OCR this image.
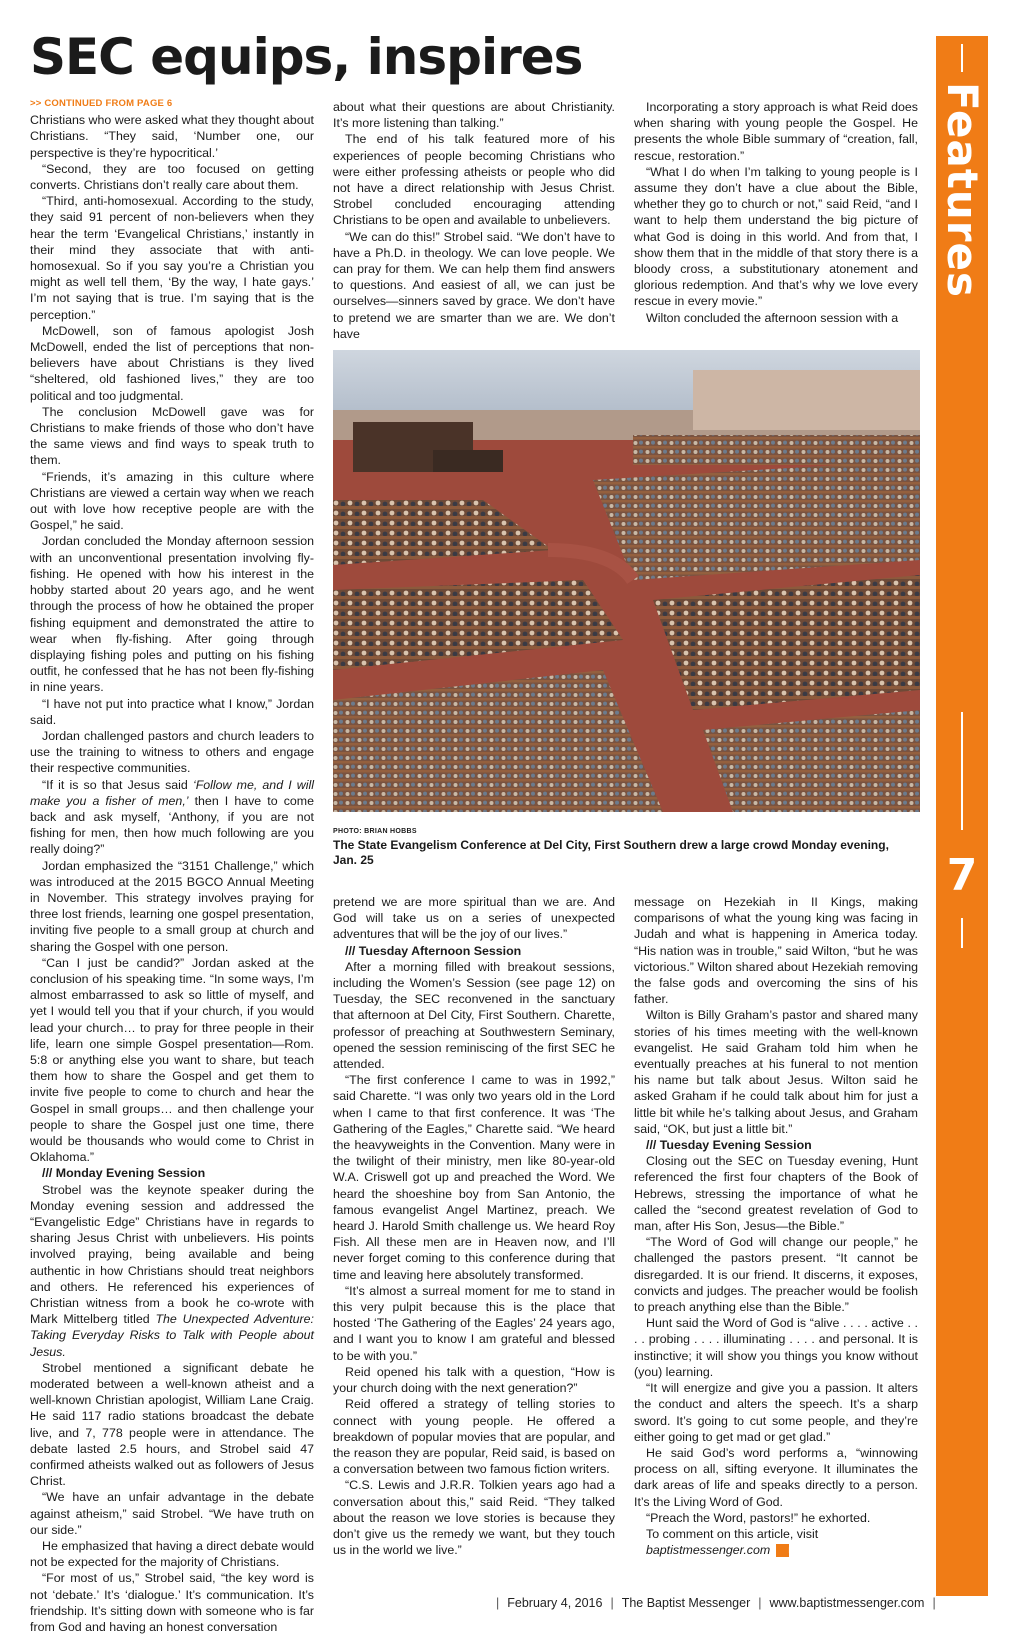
SEC equips, inspires
>> CONTINUED FROM PAGE 6

Christians who were asked what they thought about Christians. “They said, ‘Number one, our perspective is they’re hypocritical.’

“Second, they are too focused on getting converts. Christians don’t really care about them.

“Third, anti-homosexual. According to the study, they said 91 percent of non-believers when they hear the term ‘Evangelical Christians,’ instantly in their mind they associate that with anti-homosexual. So if you say you’re a Christian you might as well tell them, ‘By the way, I hate gays.’ I’m not saying that is true. I’m saying that is the perception.”

McDowell, son of famous apologist Josh McDowell, ended the list of perceptions that non-believers have about Christians is they lived “sheltered, old fashioned lives,” they are too political and too judgmental.

The conclusion McDowell gave was for Christians to make friends of those who don’t have the same views and find ways to speak truth to them.

“Friends, it’s amazing in this culture where Christians are viewed a certain way when we reach out with love how receptive people are with the Gospel,” he said.

Jordan concluded the Monday afternoon session with an unconventional presentation involving fly-fishing. He opened with how his interest in the hobby started about 20 years ago, and he went through the process of how he obtained the proper fishing equipment and demonstrated the attire to wear when fly-fishing. After going through displaying fishing poles and putting on his fishing outfit, he confessed that he has not been fly-fishing in nine years.

“I have not put into practice what I know,” Jordan said.

Jordan challenged pastors and church leaders to use the training to witness to others and engage their respective communities.

“If it is so that Jesus said ‘Follow me, and I will make you a fisher of men,’ then I have to come back and ask myself, ‘Anthony, if you are not fishing for men, then how much following are you really doing?”

Jordan emphasized the “3151 Challenge,” which was introduced at the 2015 BGCO Annual Meeting in November. This strategy involves praying for three lost friends, learning one gospel presentation, inviting five people to a small group at church and sharing the Gospel with one person.

“Can I just be candid?” Jordan asked at the conclusion of his speaking time. “In some ways, I’m almost embarrassed to ask so little of myself, and yet I would tell you that if your church, if you would lead your church… to pray for three people in their life, learn one simple Gospel presentation—Rom. 5:8 or anything else you want to share, but teach them how to share the Gospel and get them to invite five people to come to church and hear the Gospel in small groups… and then challenge your people to share the Gospel just one time, there would be thousands who would come to Christ in Oklahoma.”

/// Monday Evening Session

Strobel was the keynote speaker during the Monday evening session and addressed the “Evangelistic Edge” Christians have in regards to sharing Jesus Christ with unbelievers. His points involved praying, being available and being authentic in how Christians should treat neighbors and others. He referenced his experiences of Christian witness from a book he co-wrote with Mark Mittelberg titled The Unexpected Adventure: Taking Everyday Risks to Talk with People about Jesus.

Strobel mentioned a significant debate he moderated between a well-known atheist and a well-known Christian apologist, William Lane Craig. He said 117 radio stations broadcast the debate live, and 7, 778 people were in attendance. The debate lasted 2.5 hours, and Strobel said 47 confirmed atheists walked out as followers of Jesus Christ.

“We have an unfair advantage in the debate against atheism,” said Strobel. “We have truth on our side.”

He emphasized that having a direct debate would not be expected for the majority of Christians.

“For most of us,” Strobel said, “the key word is not ‘debate.’ It’s ‘dialogue.’ It’s communication. It’s friendship. It’s sitting down with someone who is far from God and having an honest conversation

about what their questions are about Christianity. It’s more listening than talking.”

The end of his talk featured more of his experiences of people becoming Christians who were either professing atheists or people who did not have a direct relationship with Jesus Christ. Strobel concluded encouraging attending Christians to be open and available to unbelievers.

“We can do this!” Strobel said. “We don’t have to have a Ph.D. in theology. We can love people. We can pray for them. We can help them find answers to questions. And easiest of all, we can just be ourselves—sinners saved by grace. We don’t have to pretend we are smarter than we are. We don’t have

Incorporating a story approach is what Reid does when sharing with young people the Gospel. He presents the whole Bible summary of “creation, fall, rescue, restoration.”

“What I do when I’m talking to young people is I assume they don’t have a clue about the Bible, whether they go to church or not,” said Reid, “and I want to help them understand the big picture of what God is doing in this world. And from that, I show them that in the middle of that story there is a bloody cross, a substitutionary atonement and glorious redemption. And that’s why we love every rescue in every movie.”

Wilton concluded the afternoon session with a

PHOTO: BRIAN HOBBS
The State Evangelism Conference at Del City, First Southern drew a large crowd Monday evening, Jan. 25

pretend we are more spiritual than we are. And God will take us on a series of unexpected adventures that will be the joy of our lives.”

/// Tuesday Afternoon Session

After a morning filled with breakout sessions, including the Women’s Session (see page 12) on Tuesday, the SEC reconvened in the sanctuary that afternoon at Del City, First Southern. Charette, professor of preaching at Southwestern Seminary, opened the session reminiscing of the first SEC he attended.

“The first conference I came to was in 1992,” said Charette. “I was only two years old in the Lord when I came to that first conference. It was ‘The Gathering of the Eagles,” Charette said. “We heard the heavyweights in the Convention. Many were in the twilight of their ministry, men like 80-year-old W.A. Criswell got up and preached the Word. We heard the shoeshine boy from San Antonio, the famous evangelist Angel Martinez, preach. We heard J. Harold Smith challenge us. We heard Roy Fish. All these men are in Heaven now, and I’ll never forget coming to this conference during that time and leaving here absolutely transformed.

“It’s almost a surreal moment for me to stand in this very pulpit because this is the place that hosted ‘The Gathering of the Eagles’ 24 years ago, and I want you to know I am grateful and blessed to be with you.”

Reid opened his talk with a question, “How is your church doing with the next generation?”

Reid offered a strategy of telling stories to connect with young people. He offered a breakdown of popular movies that are popular, and the reason they are popular, Reid said, is based on a conversation between two famous fiction writers.

“C.S. Lewis and J.R.R. Tolkien years ago had a conversation about this,” said Reid. “They talked about the reason we love stories is because they don’t give us the remedy we want, but they touch us in the world we live.”

message on Hezekiah in II Kings, making comparisons of what the young king was facing in Judah and what is happening in America today. “His nation was in trouble,” said Wilton, “but he was victorious.” Wilton shared about Hezekiah removing the false gods and overcoming the sins of his father.

Wilton is Billy Graham’s pastor and shared many stories of his times meeting with the well-known evangelist. He said Graham told him when he eventually preaches at his funeral to not mention his name but talk about Jesus. Wilton said he asked Graham if he could talk about him for just a little bit while he’s talking about Jesus, and Graham said, “OK, but just a little bit.”

/// Tuesday Evening Session

Closing out the SEC on Tuesday evening, Hunt referenced the first four chapters of the Book of Hebrews, stressing the importance of what he called the “second greatest revelation of God to man, after His Son, Jesus—the Bible.”

“The Word of God will change our people,” he challenged the pastors present. “It cannot be disregarded. It is our friend. It discerns, it exposes, convicts and judges. The preacher would be foolish to preach anything else than the Bible.”

Hunt said the Word of God is “alive . . . . active . . . . probing . . . . illuminating . . . . and personal. It is instinctive; it will show you things you know without (you) learning.

“It will energize and give you a passion. It alters the conduct and alters the speech. It’s a sharp sword. It’s going to cut some people, and they’re either going to get mad or get glad.”

He said God’s word performs a, “winnowing process on all, sifting everyone. It illuminates the dark areas of life and speaks directly to a person. It’s the Living Word of God.

“Preach the Word, pastors!” he exhorted.

To comment on this article, visit

baptistmessenger.com m

Features
7
| February 4, 2016 | The Baptist Messenger | www.baptistmessenger.com |
